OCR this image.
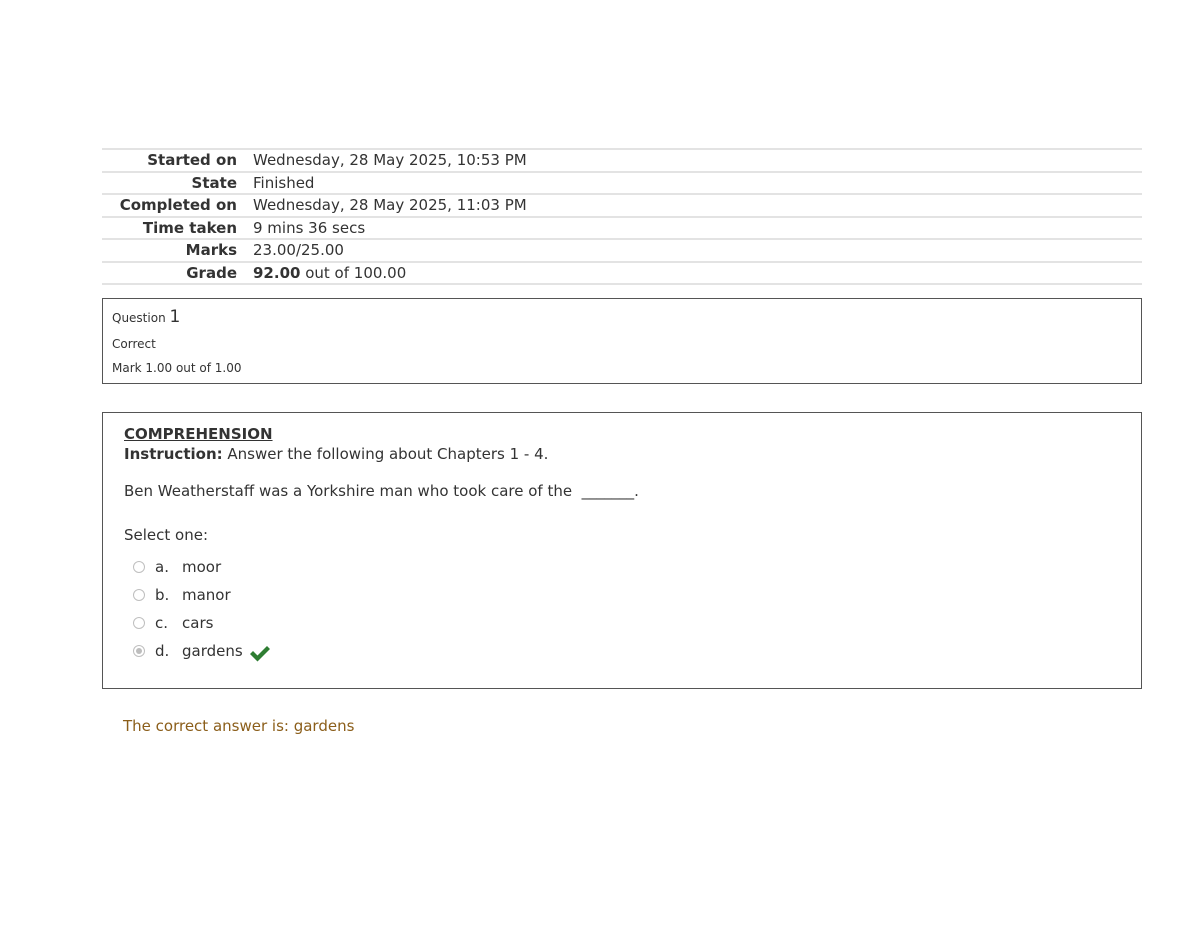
Started on	Wednesday, 28 May 2025, 10:53 PM
State	Finished
Completed on	Wednesday, 28 May 2025, 11:03 PM
Time taken	9 mins 36 secs
Marks	23.00/25.00
Grade	92.00 out of 100.00
Question 1
Correct
Mark 1.00 out of 1.00
COMPREHENSION
Instruction: Answer the following about Chapters 1 - 4.
Ben Weatherstaff was a Yorkshire man who took care of the  _______.
Select one:
a. moor
b. manor
c. cars
d. gardens
The correct answer is: gardens
